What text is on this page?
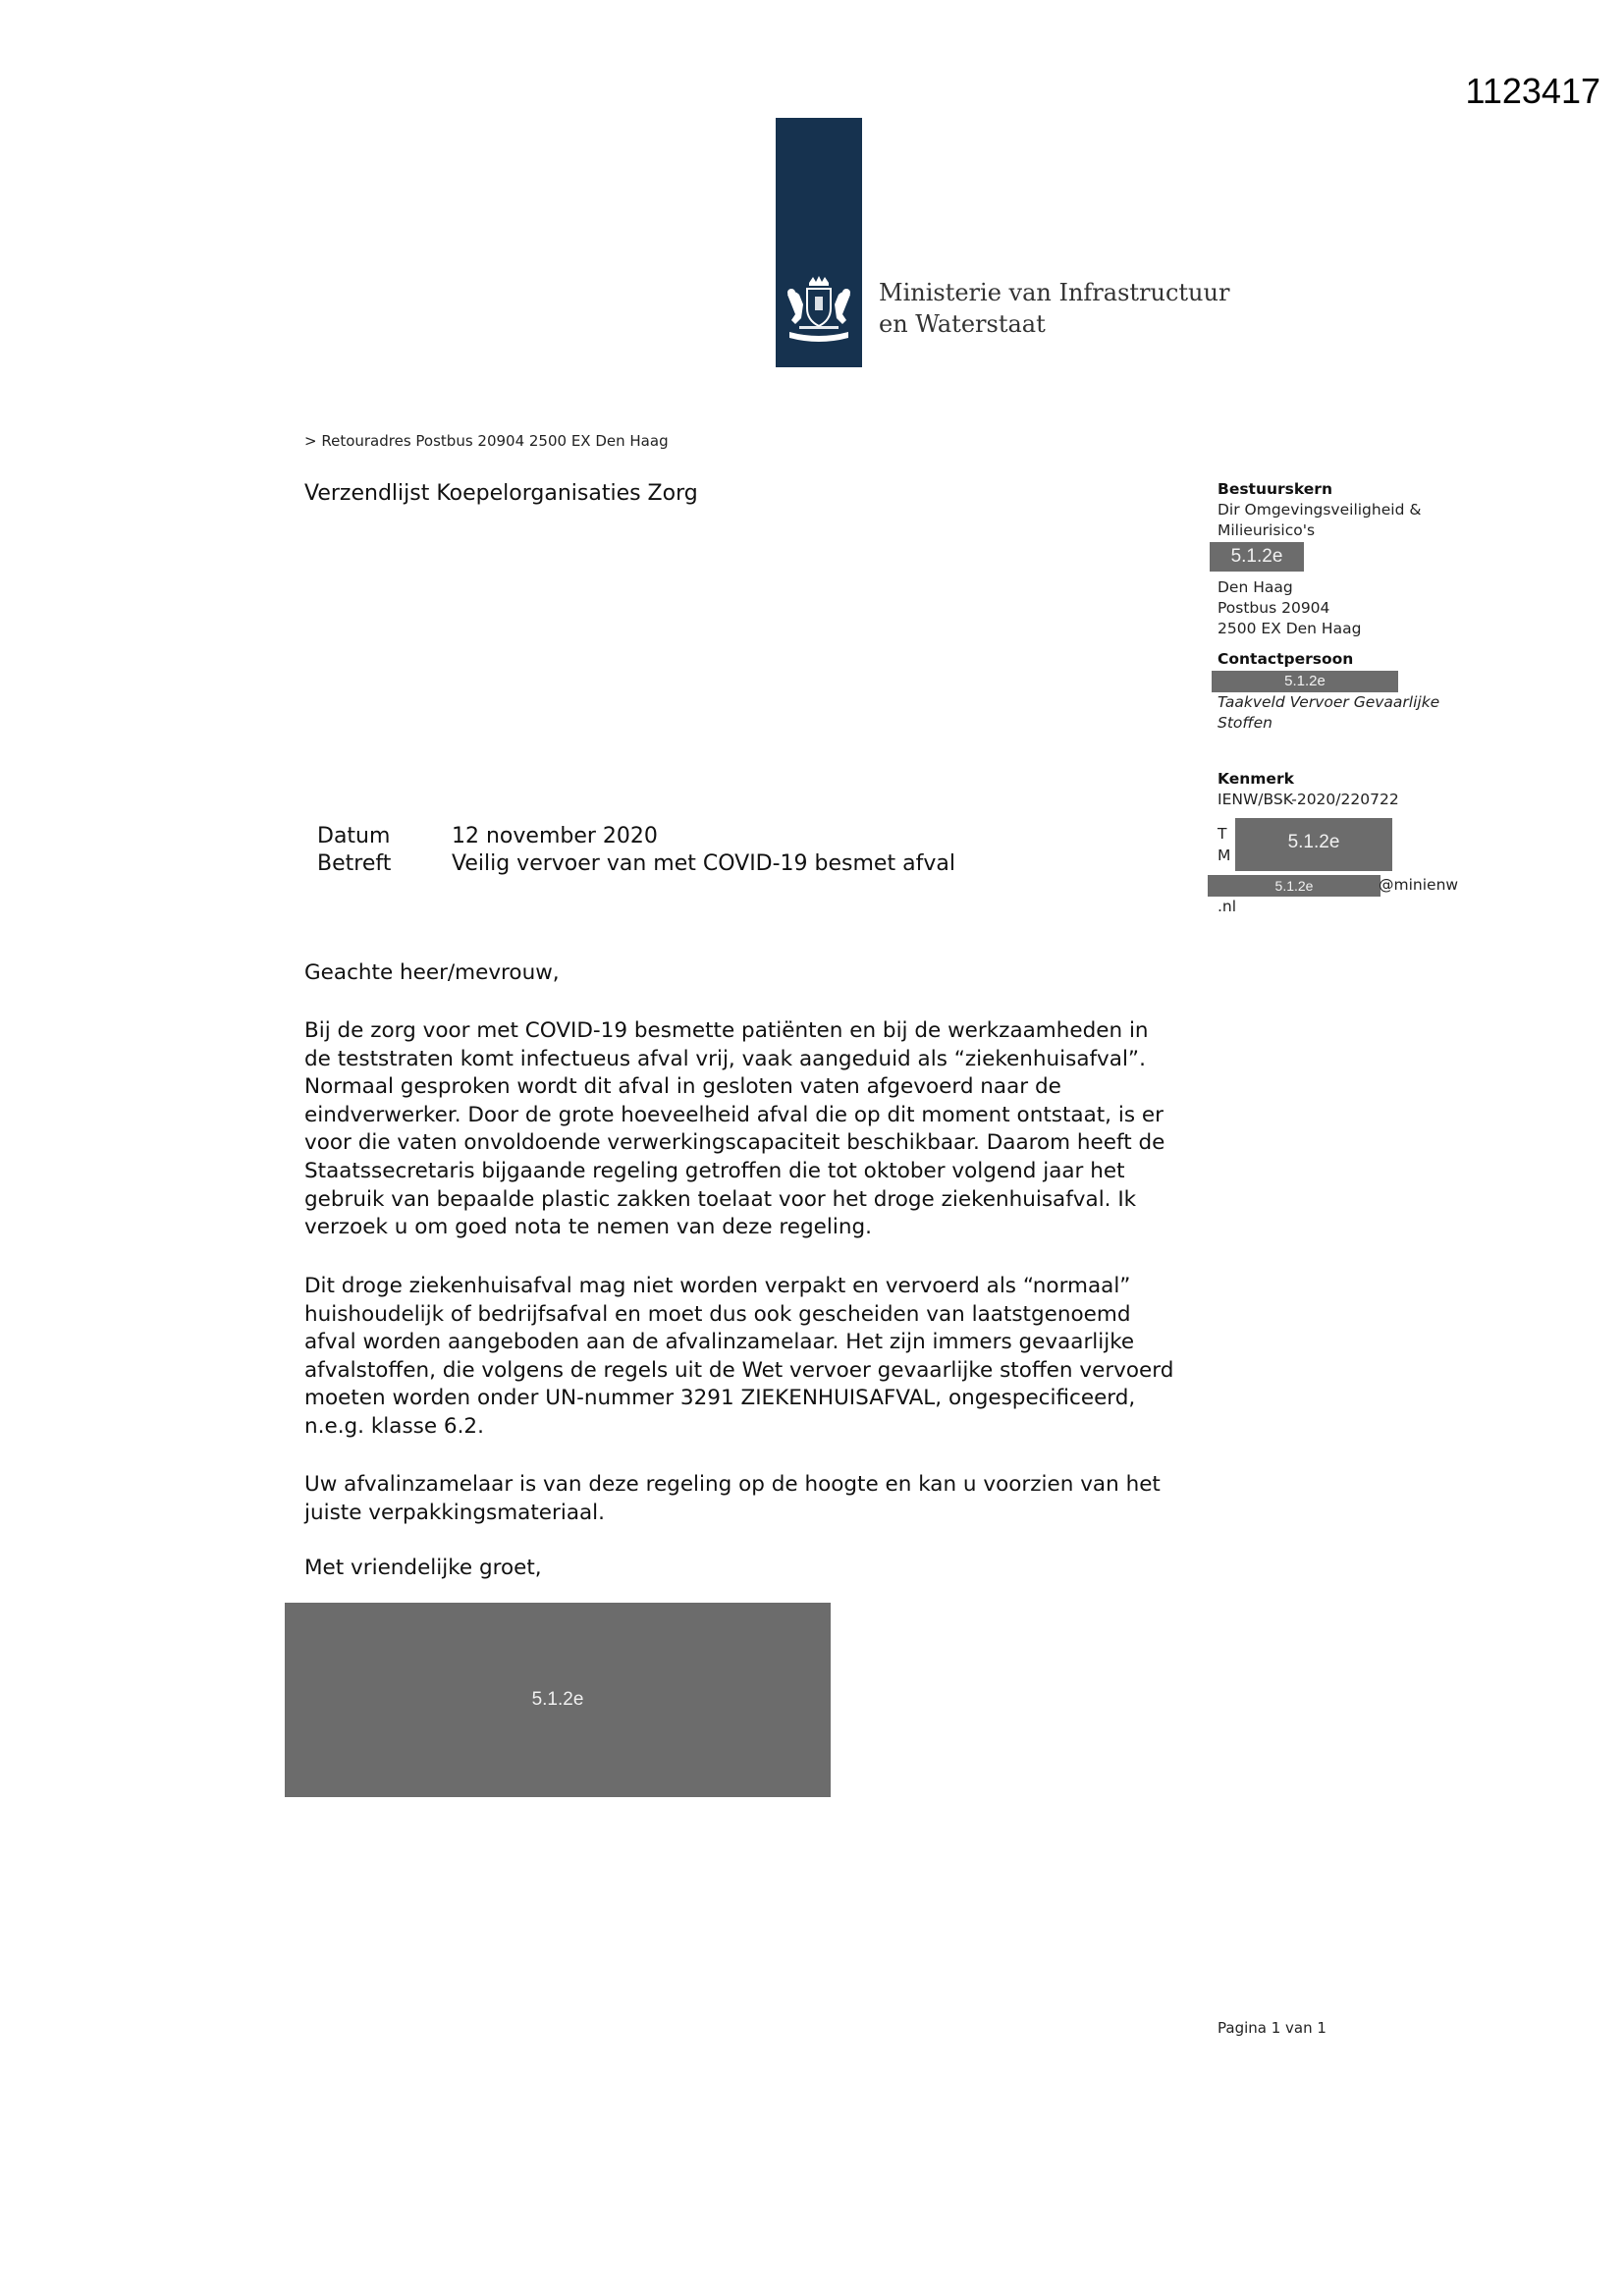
1123417
Ministerie van Infrastructuur
en Waterstaat
> Retouradres Postbus 20904 2500 EX Den Haag
Verzendlijst Koepelorganisaties Zorg	Bestuurskern
Dir Omgevingsveiligheid &
Milieurisico's
5.1.2e
Den Haag
Postbus 20904
2500 EX Den Haag
Contactpersoon
5.1.2e
Taakveld Vervoer Gevaarlijke
Stoffen
Kenmerk
IENW/BSK-2020/220722
T
M
5.1.2e
5.1.2e	@minienw
.nl
Datum	12 november 2020
Betreft	Veilig vervoer van met COVID-19 besmet afval
Geachte heer/mevrouw,
Bij de zorg voor met COVID-19 besmette patiënten en bij de werkzaamheden in
de teststraten komt infectueus afval vrij, vaak aangeduid als “ziekenhuisafval”.
Normaal gesproken wordt dit afval in gesloten vaten afgevoerd naar de
eindverwerker. Door de grote hoeveelheid afval die op dit moment ontstaat, is er
voor die vaten onvoldoende verwerkingscapaciteit beschikbaar. Daarom heeft de
Staatssecretaris bijgaande regeling getroffen die tot oktober volgend jaar het
gebruik van bepaalde plastic zakken toelaat voor het droge ziekenhuisafval. Ik
verzoek u om goed nota te nemen van deze regeling.
Dit droge ziekenhuisafval mag niet worden verpakt en vervoerd als “normaal”
huishoudelijk of bedrijfsafval en moet dus ook gescheiden van laatstgenoemd
afval worden aangeboden aan de afvalinzamelaar. Het zijn immers gevaarlijke
afvalstoffen, die volgens de regels uit de Wet vervoer gevaarlijke stoffen vervoerd
moeten worden onder UN-nummer 3291 ZIEKENHUISAFVAL, ongespecificeerd,
n.e.g. klasse 6.2.
Uw afvalinzamelaar is van deze regeling op de hoogte en kan u voorzien van het
juiste verpakkingsmateriaal.
Met vriendelijke groet,
5.1.2e
Pagina 1 van 1
